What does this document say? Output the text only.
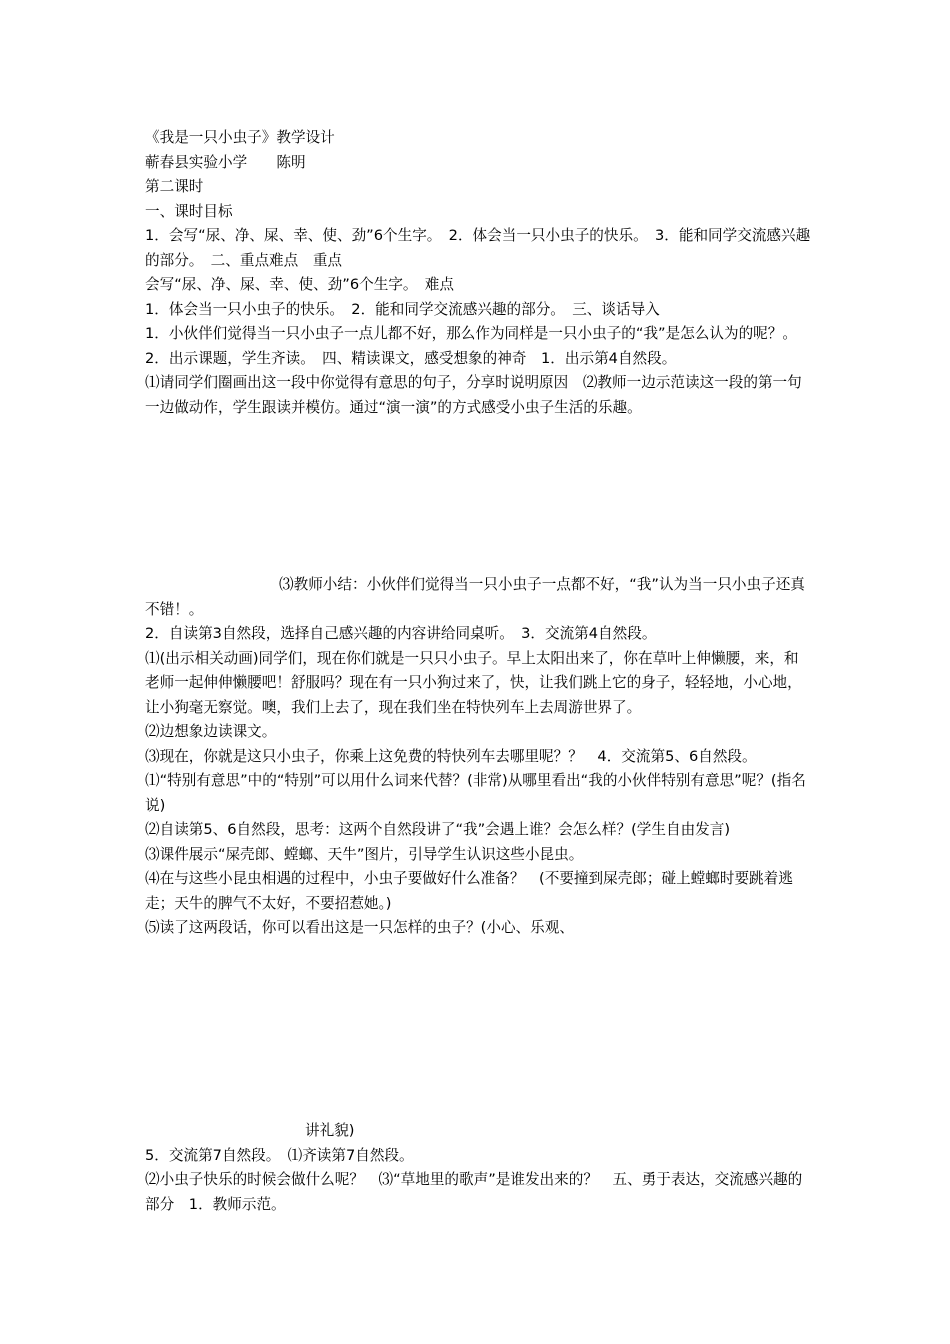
《我是一只小虫子》教学设计

蕲春县实验小学　　陈明

第二课时

一、课时目标

1．会写“尿、净、屎、幸、使、劲”6个生字。　2．体会当一只小虫子的快乐。　3．能和同学交流感兴趣的部分。　二、重点难点　重点

会写“尿、净、屎、幸、使、劲”6个生字。　难点

1．体会当一只小虫子的快乐。　2．能和同学交流感兴趣的部分。　三、谈话导入

1．小伙伴们觉得当一只小虫子一点儿都不好，那么作为同样是一只小虫子的“我”是怎么认为的呢？。　2．出示课题，学生齐读。　四、精读课文，感受想象的神奇　1．出示第4自然段。

⑴请同学们圈画出这一段中你觉得有意思的句子，分享时说明原因　⑵教师一边示范读这一段的第一句一边做动作，学生跟读并模仿。通过“演一演”的方式感受小虫子生活的乐趣。

⑶教师小结：小伙伴们觉得当一只小虫子一点都不好，“我”认为当一只小虫子还真不错！。

2．自读第3自然段，选择自己感兴趣的内容讲给同桌听。　3．交流第4自然段。

⑴(出示相关动画)同学们，现在你们就是一只只小虫子。早上太阳出来了，你在草叶上伸懒腰，来，和老师一起伸伸懒腰吧！舒服吗？现在有一只小狗过来了，快，让我们跳上它的身子，轻轻地，小心地，让小狗毫无察觉。噢，我们上去了，现在我们坐在特快列车上去周游世界了。

⑵边想象边读课文。

⑶现在，你就是这只小虫子，你乘上这免费的特快列车去哪里呢？？　4．交流第5、6自然段。

⑴“特别有意思”中的“特别”可以用什么词来代替？(非常)从哪里看出“我的小伙伴特别有意思”呢？(指名说)

⑵自读第5、6自然段，思考：这两个自然段讲了“我”会遇上谁？会怎么样？(学生自由发言)

⑶课件展示“屎壳郎、螳螂、天牛”图片，引导学生认识这些小昆虫。

⑷在与这些小昆虫相遇的过程中，小虫子要做好什么准备？　(不要撞到屎壳郎；碰上螳螂时要跳着逃走；天牛的脾气不太好，不要招惹她。)

⑸读了这两段话，你可以看出这是一只怎样的虫子？(小心、乐观、

讲礼貌)

5．交流第7自然段。　⑴齐读第7自然段。

⑵小虫子快乐的时候会做什么呢？　⑶“草地里的歌声”是谁发出来的？　五、勇于表达，交流感兴趣的部分　1．教师示范。
